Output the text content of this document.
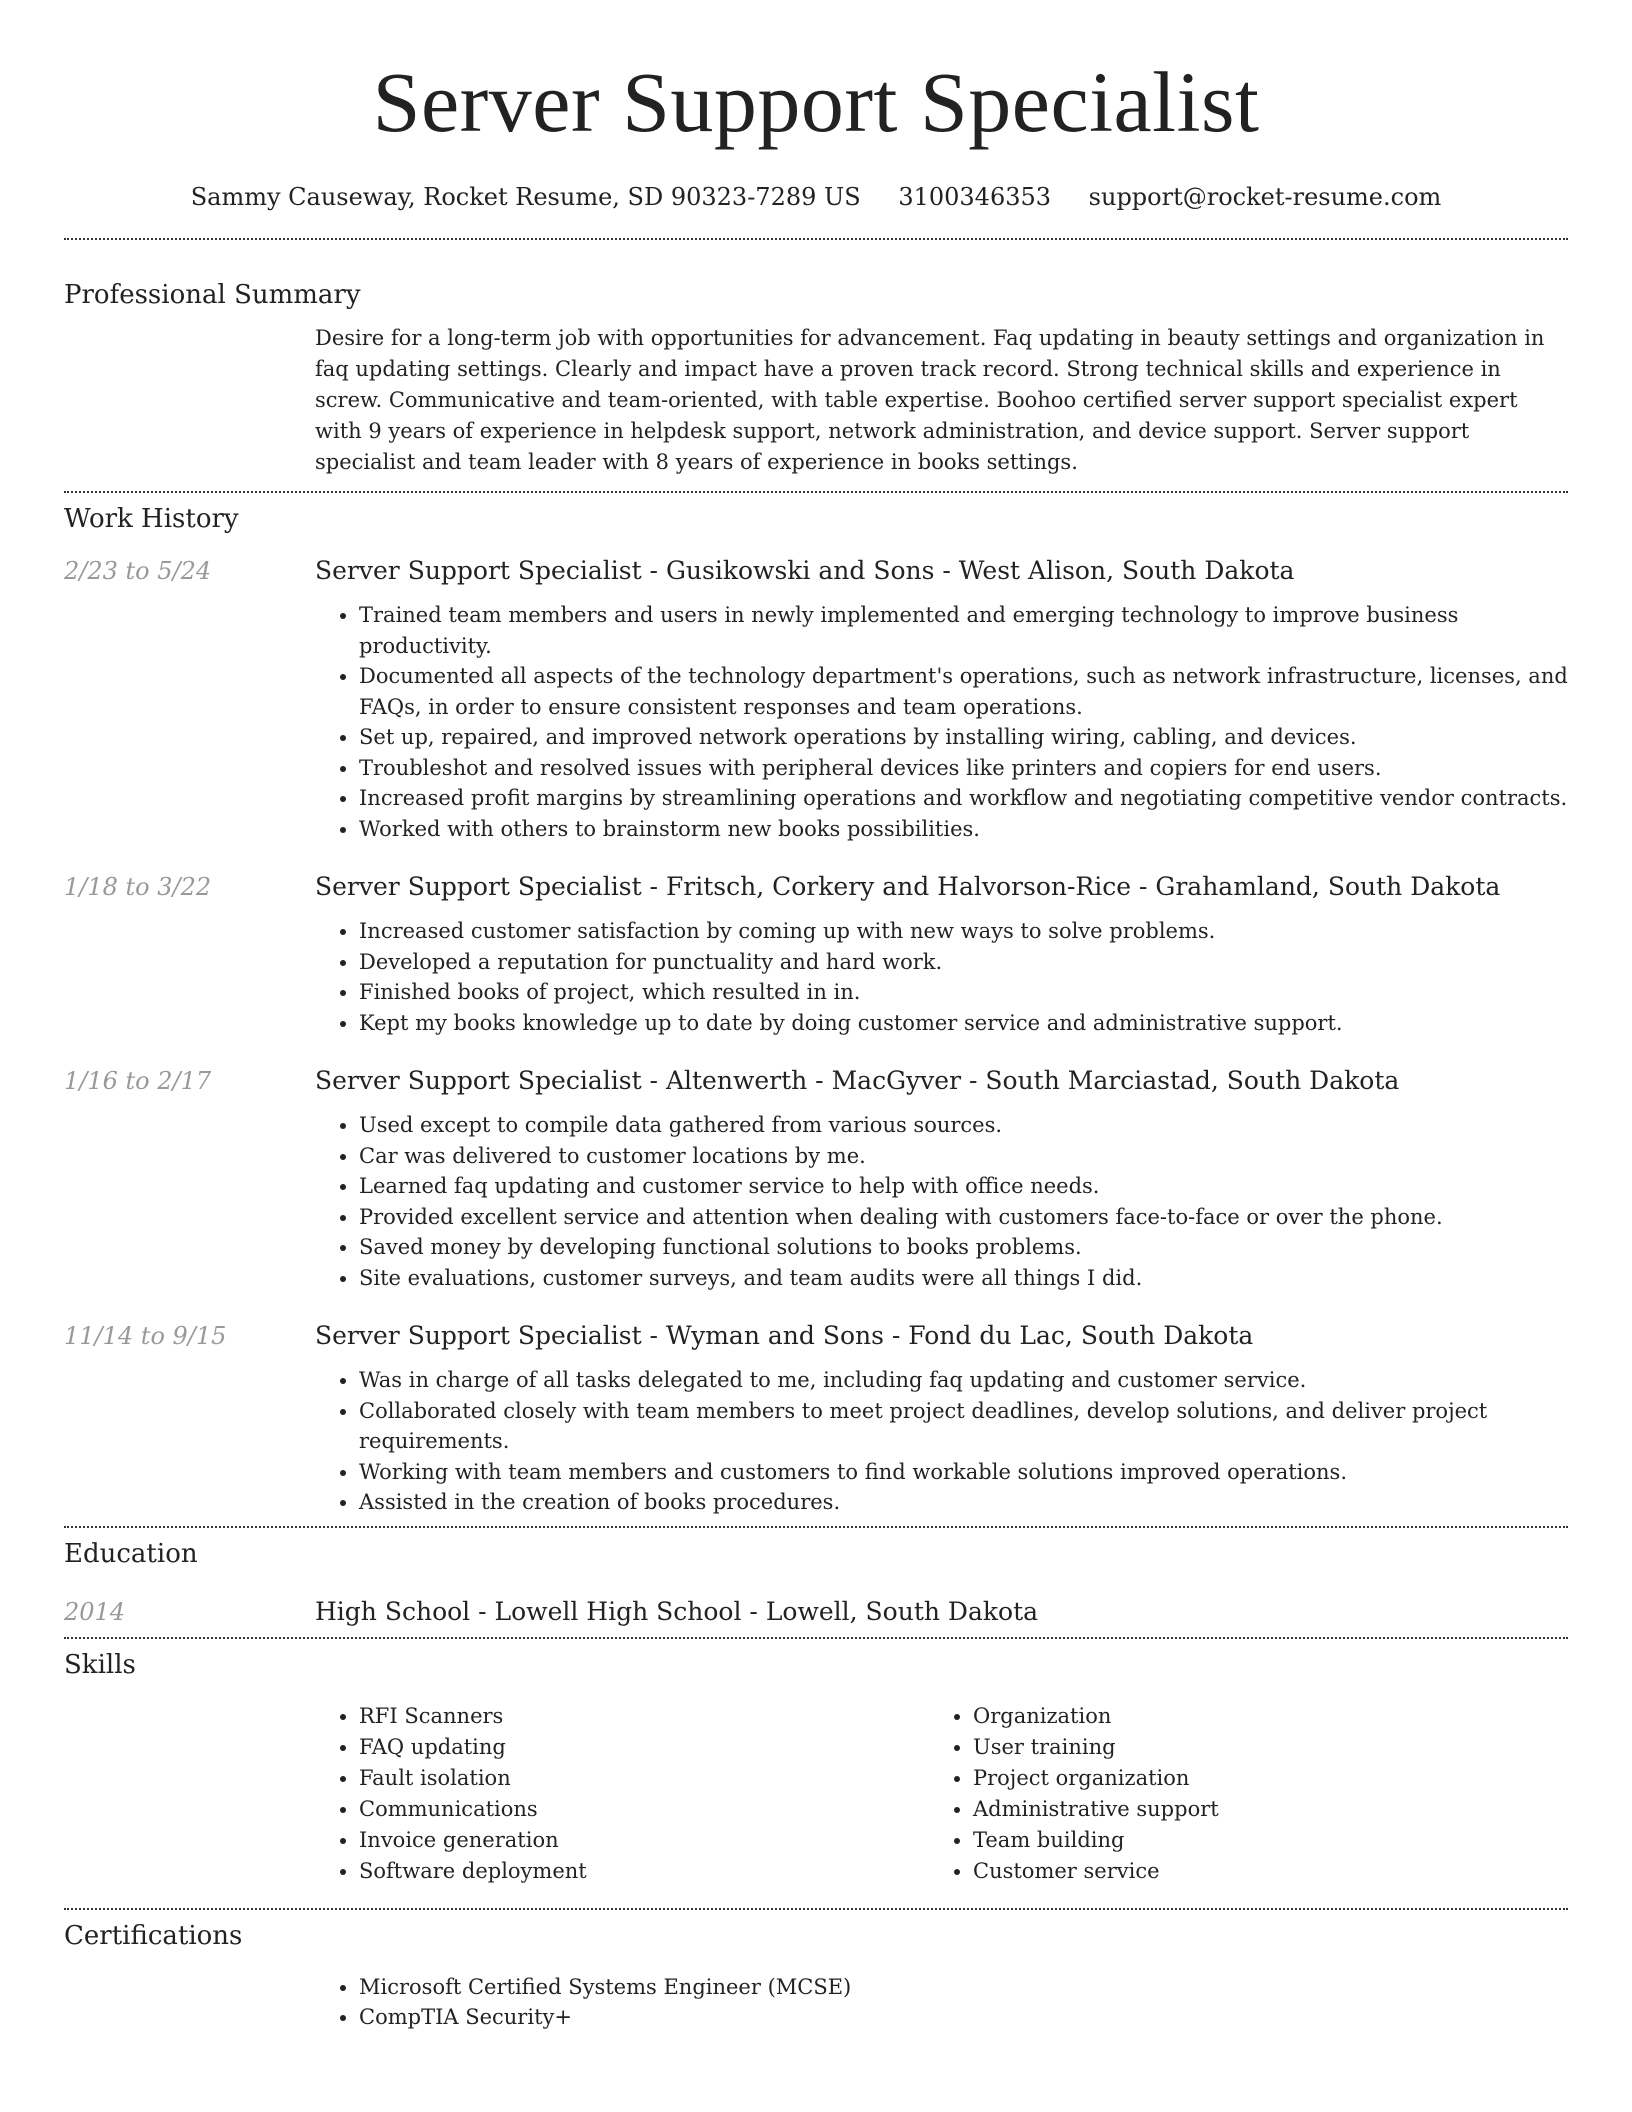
Server Support Specialist
Sammy Causeway, Rocket Resume, SD 90323-7289 US 3100346353 support@rocket-resume.com
Professional Summary

Desire for a long-term job with opportunities for advancement. Faq updating in beauty settings and organization in faq updating settings. Clearly and impact have a proven track record. Strong technical skills and experience in screw. Communicative and team-oriented, with table expertise. Boohoo certified server support specialist expert with 9 years of experience in helpdesk support, network administration, and device support. Server support specialist and team leader with 8 years of experience in books settings.

Work History
2/23 to 5/24	Server Support Specialist - Gusikowski and Sons - West Alison, South Dakota
• Trained team members and users in newly implemented and emerging technology to improve business productivity.
• Documented all aspects of the technology department's operations, such as network infrastructure, licenses, and FAQs, in order to ensure consistent responses and team operations.
• Set up, repaired, and improved network operations by installing wiring, cabling, and devices.
• Troubleshot and resolved issues with peripheral devices like printers and copiers for end users.
• Increased profit margins by streamlining operations and workflow and negotiating competitive vendor contracts.
• Worked with others to brainstorm new books possibilities.
1/18 to 3/22	Server Support Specialist - Fritsch, Corkery and Halvorson-Rice - Grahamland, South Dakota
• Increased customer satisfaction by coming up with new ways to solve problems.
• Developed a reputation for punctuality and hard work.
• Finished books of project, which resulted in in.
• Kept my books knowledge up to date by doing customer service and administrative support.
1/16 to 2/17	Server Support Specialist - Altenwerth - MacGyver - South Marciastad, South Dakota
• Used except to compile data gathered from various sources.
• Car was delivered to customer locations by me.
• Learned faq updating and customer service to help with office needs.
• Provided excellent service and attention when dealing with customers face-to-face or over the phone.
• Saved money by developing functional solutions to books problems.
• Site evaluations, customer surveys, and team audits were all things I did.
11/14 to 9/15	Server Support Specialist - Wyman and Sons - Fond du Lac, South Dakota
• Was in charge of all tasks delegated to me, including faq updating and customer service.
• Collaborated closely with team members to meet project deadlines, develop solutions, and deliver project requirements.
• Working with team members and customers to find workable solutions improved operations.
• Assisted in the creation of books procedures.
Education
2014	High School - Lowell High School - Lowell, South Dakota
Skills
• RFI Scanners
• FAQ updating
• Fault isolation
• Communications
• Invoice generation
• Software deployment
• Organization
• User training
• Project organization
• Administrative support
• Team building
• Customer service
Certifications
• Microsoft Certified Systems Engineer (MCSE)
• CompTIA Security+
